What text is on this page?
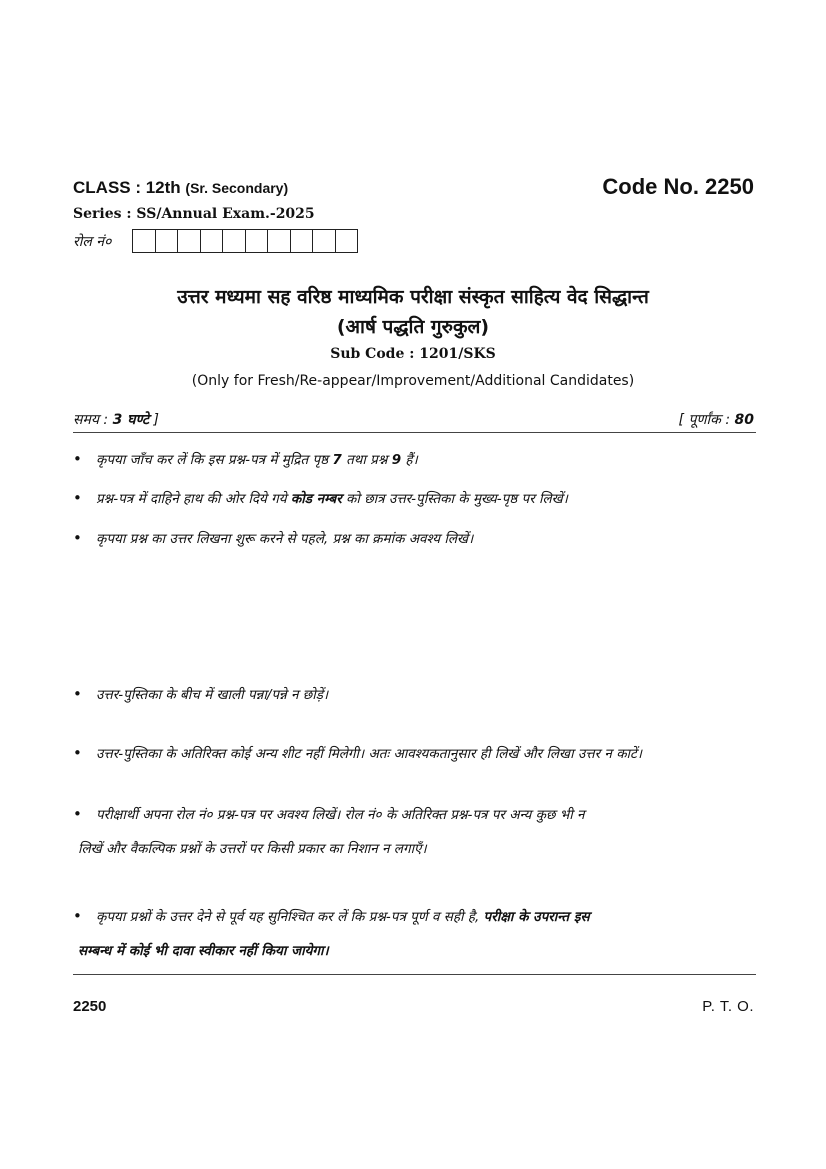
CLASS : 12th (Sr. Secondary)	Code No. 2250
Series : SS/Annual Exam.-2025
रोल नं०
उत्तर मध्यमा सह वरिष्ठ माध्यमिक परीक्षा संस्कृत साहित्य वेद सिद्धान्त
(आर्ष पद्धति गुरुकुल)
Sub Code : 1201/SKS
(Only for Fresh/Re-appear/Improvement/Additional Candidates)
समय : 3 घण्टे ]	[ पूर्णांक : 80
•	कृपया जाँच कर लें कि इस प्रश्न-पत्र में मुद्रित पृष्ठ 7 तथा प्रश्न 9 हैं।
•	प्रश्न-पत्र में दाहिने हाथ की ओर दिये गये कोड नम्बर को छात्र उत्तर-पुस्तिका के मुख्य-पृष्ठ पर लिखें।
•	कृपया प्रश्न का उत्तर लिखना शुरू करने से पहले, प्रश्न का क्रमांक अवश्य लिखें।
•	उत्तर-पुस्तिका के बीच में खाली पन्ना/पन्ने न छोड़ें।
•	उत्तर-पुस्तिका के अतिरिक्त कोई अन्य शीट नहीं मिलेगी। अतः आवश्यकतानुसार ही लिखें और लिखा उत्तर न काटें।
•	परीक्षार्थी अपना रोल नं० प्रश्न-पत्र पर अवश्य लिखें। रोल नं० के अतिरिक्त प्रश्न-पत्र पर अन्य कुछ भी न
लिखें और वैकल्पिक प्रश्नों के उत्तरों पर किसी प्रकार का निशान न लगाएँ।
•	कृपया प्रश्नों के उत्तर देने से पूर्व यह सुनिश्चित कर लें कि प्रश्न-पत्र पूर्ण व सही है, परीक्षा के उपरान्त इस
सम्बन्ध में कोई भी दावा स्वीकार नहीं किया जायेगा।
2250	P. T. O.
